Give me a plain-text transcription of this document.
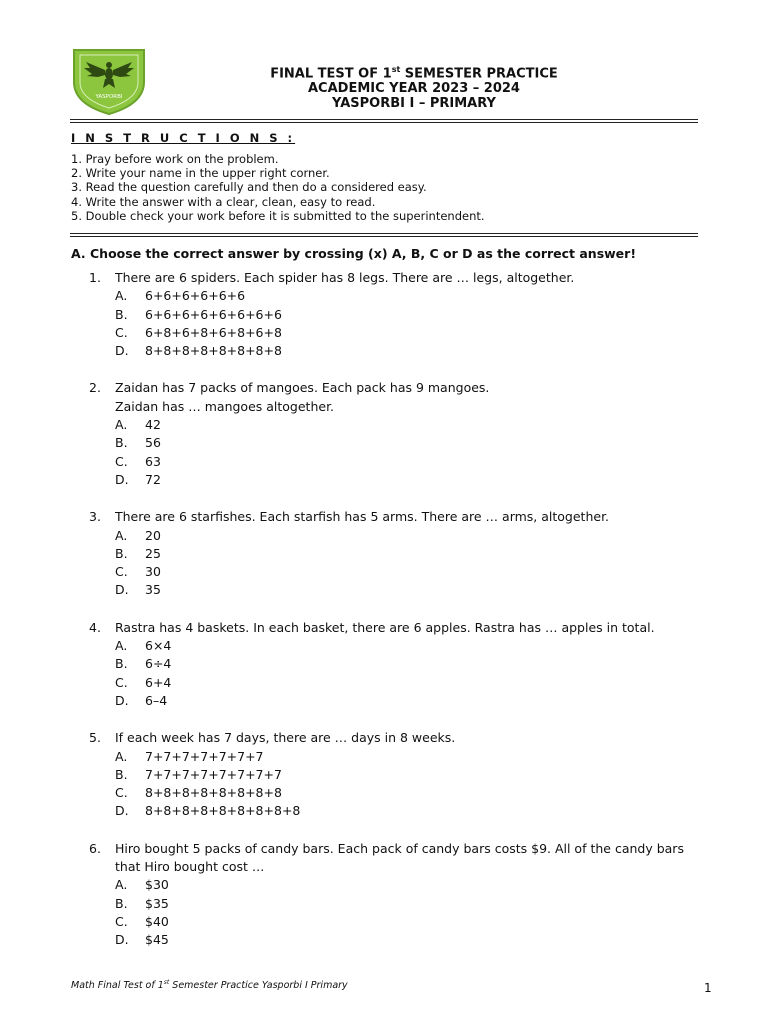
YASPORBI
FINAL TEST OF 1st SEMESTER PRACTICE
ACADEMIC YEAR 2023 – 2024
YASPORBI I – PRIMARY
I N S T R U C T I O N S :
1. Pray before work on the problem.
2. Write your name in the upper right corner.
3. Read the question carefully and then do a considered easy.
4. Write the answer with a clear, clean, easy to read.
5. Double check your work before it is submitted to the superintendent.
A. Choose the correct answer by crossing (x) A, B, C or D as the correct answer!
1.	There are 6 spiders. Each spider has 8 legs. There are … legs, altogether.
A.	6+6+6+6+6+6
B.	6+6+6+6+6+6+6+6
C.	6+8+6+8+6+8+6+8
D.	8+8+8+8+8+8+8+8
2.	Zaidan has 7 packs of mangoes. Each pack has 9 mangoes. Zaidan has … mangoes altogether.
A.	42
B.	56
C.	63
D.	72
3.	There are 6 starfishes. Each starfish has 5 arms. There are … arms, altogether.
A.	20
B.	25
C.	30
D.	35
4.	Rastra has 4 baskets. In each basket, there are 6 apples. Rastra has … apples in total.
A.	6×4
B.	6÷4
C.	6+4
D.	6–4
5.	If each week has 7 days, there are … days in 8 weeks.
A.	7+7+7+7+7+7+7
B.	7+7+7+7+7+7+7+7
C.	8+8+8+8+8+8+8+8
D.	8+8+8+8+8+8+8+8+8
6.	Hiro bought 5 packs of candy bars. Each pack of candy bars costs $9. All of the candy bars that Hiro bought cost …
A.	$30
B.	$35
C.	$40
D.	$45
Math Final Test of 1st Semester Practice Yasporbi I Primary	1
